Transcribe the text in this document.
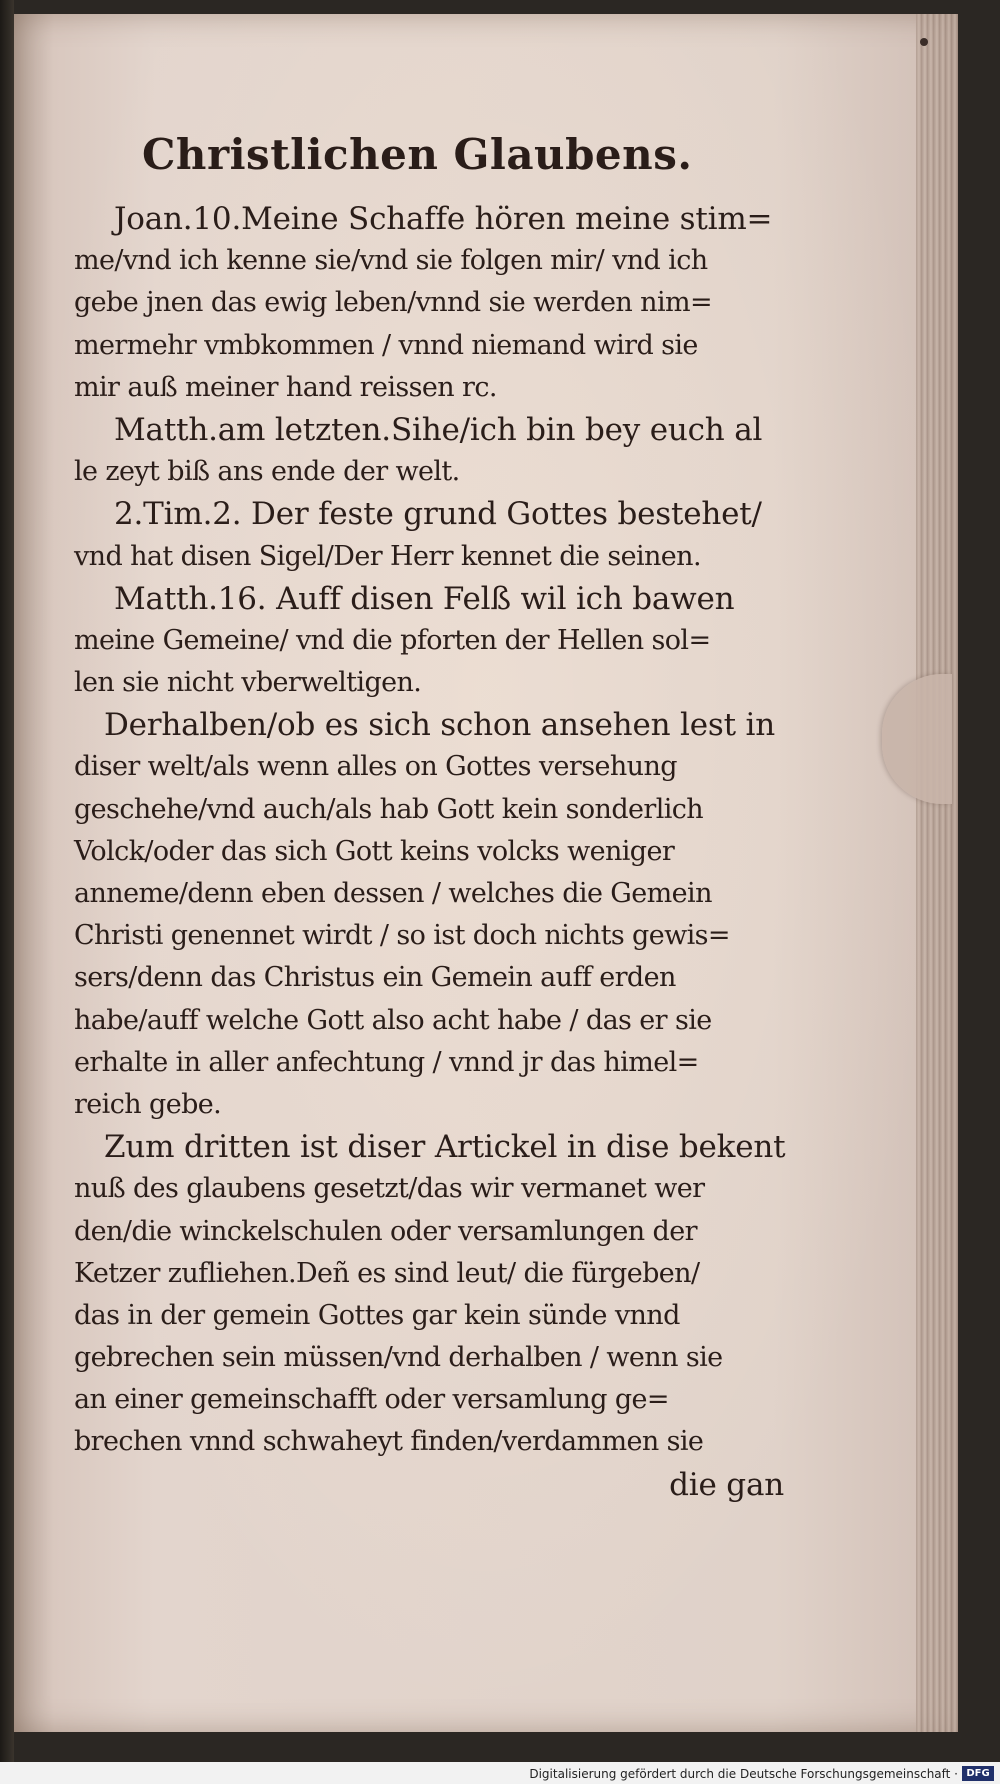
Christlichen Glaubens.
Joan.10.Meine Schaffe hören meine stim=
me/vnd ich kenne sie/vnd sie folgen mir/ vnd ich
gebe jnen das ewig leben/vnnd sie werden nim=
mermehr vmbkommen / vnnd niemand wird sie
mir auß meiner hand reissen rc.
Matth.am letzten.Sihe/ich bin bey euch al
le zeyt biß ans ende der welt.
2.Tim.2. Der feste grund Gottes bestehet/
vnd hat disen Sigel/Der Herr kennet die seinen.
Matth.16. Auff disen Felß wil ich bawen
meine Gemeine/ vnd die pforten der Hellen sol=
len sie nicht vberweltigen.
Derhalben/ob es sich schon ansehen lest in
diser welt/als wenn alles on Gottes versehung
geschehe/vnd auch/als hab Gott kein sonderlich
Volck/oder das sich Gott keins volcks weniger
anneme/denn eben dessen / welches die Gemein
Christi genennet wirdt / so ist doch nichts gewis=
sers/denn das Christus ein Gemein auff erden
habe/auff welche Gott also acht habe / das er sie
erhalte in aller anfechtung / vnnd jr das himel=
reich gebe.
Zum dritten ist diser Artickel in dise bekent
nuß des glaubens gesetzt/das wir vermanet wer
den/die winckelschulen oder versamlungen der
Ketzer zufliehen.Deñ es sind leut/ die fürgeben/
das in der gemein Gottes gar kein sünde vnnd
gebrechen sein müssen/vnd derhalben / wenn sie
an einer gemeinschafft oder versamlung ge=
brechen vnnd schwaheyt finden/verdammen sie
die gan
Digitalisierung gefördert durch die Deutsche Forschungsgemeinschaft · DFG
